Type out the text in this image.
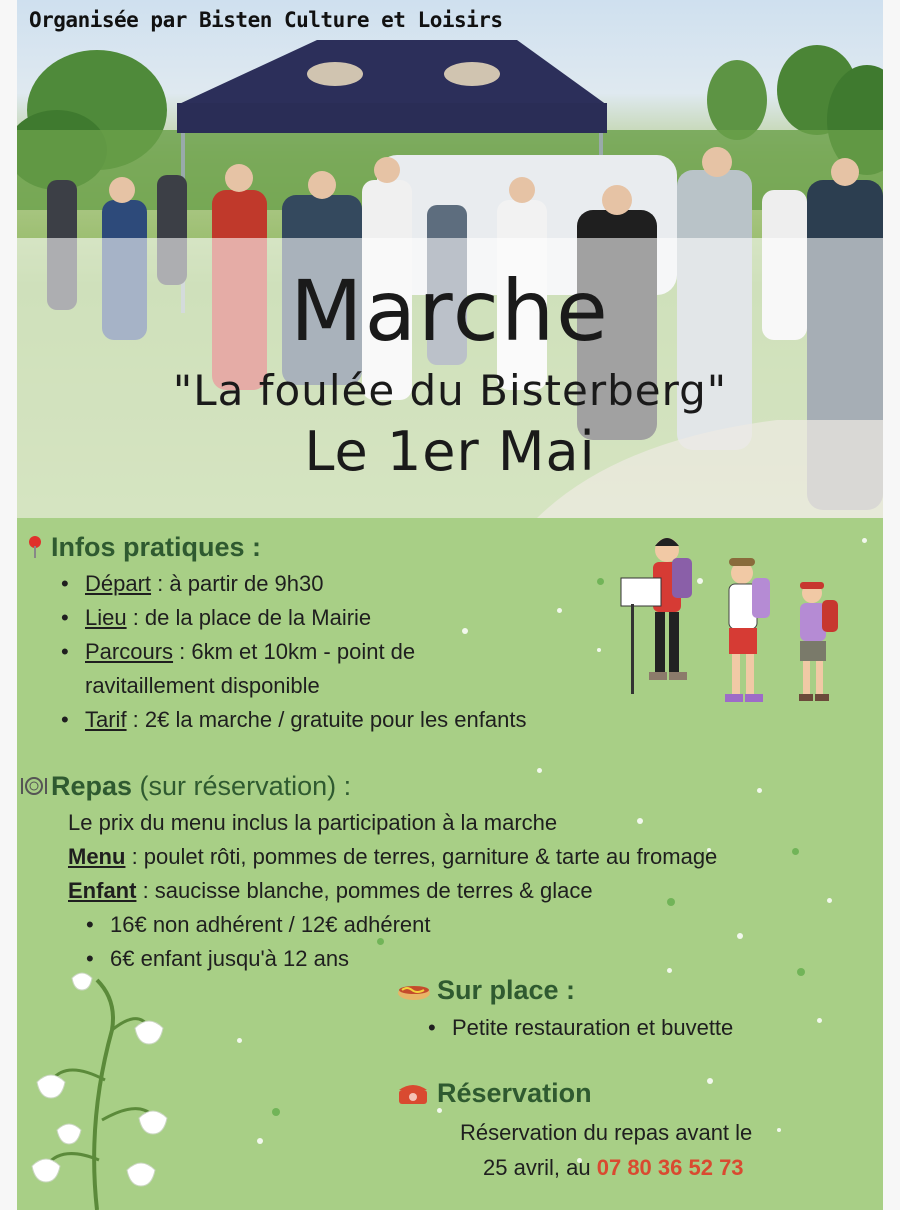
Organisée par Bisten Culture et Loisirs
Marche
"La foulée du Bisterberg"
Le 1er Mai
Infos pratiques :
• Départ : à partir de 9h30
• Lieu : de la place de la Mairie
• Parcours : 6km et 10km - point de
ravitaillement disponible
• Tarif : 2€ la marche / gratuite pour les enfants
Repas (sur réservation) :
Le prix du menu inclus la participation à la marche
Menu : poulet rôti, pommes de terres, garniture & tarte au fromage
Enfant : saucisse blanche, pommes de terres & glace
• 16€ non adhérent / 12€ adhérent
• 6€ enfant jusqu'à 12 ans
Sur place :
• Petite restauration et buvette
Réservation
Réservation du repas avant le
25 avril, au 07 80 36 52 73
